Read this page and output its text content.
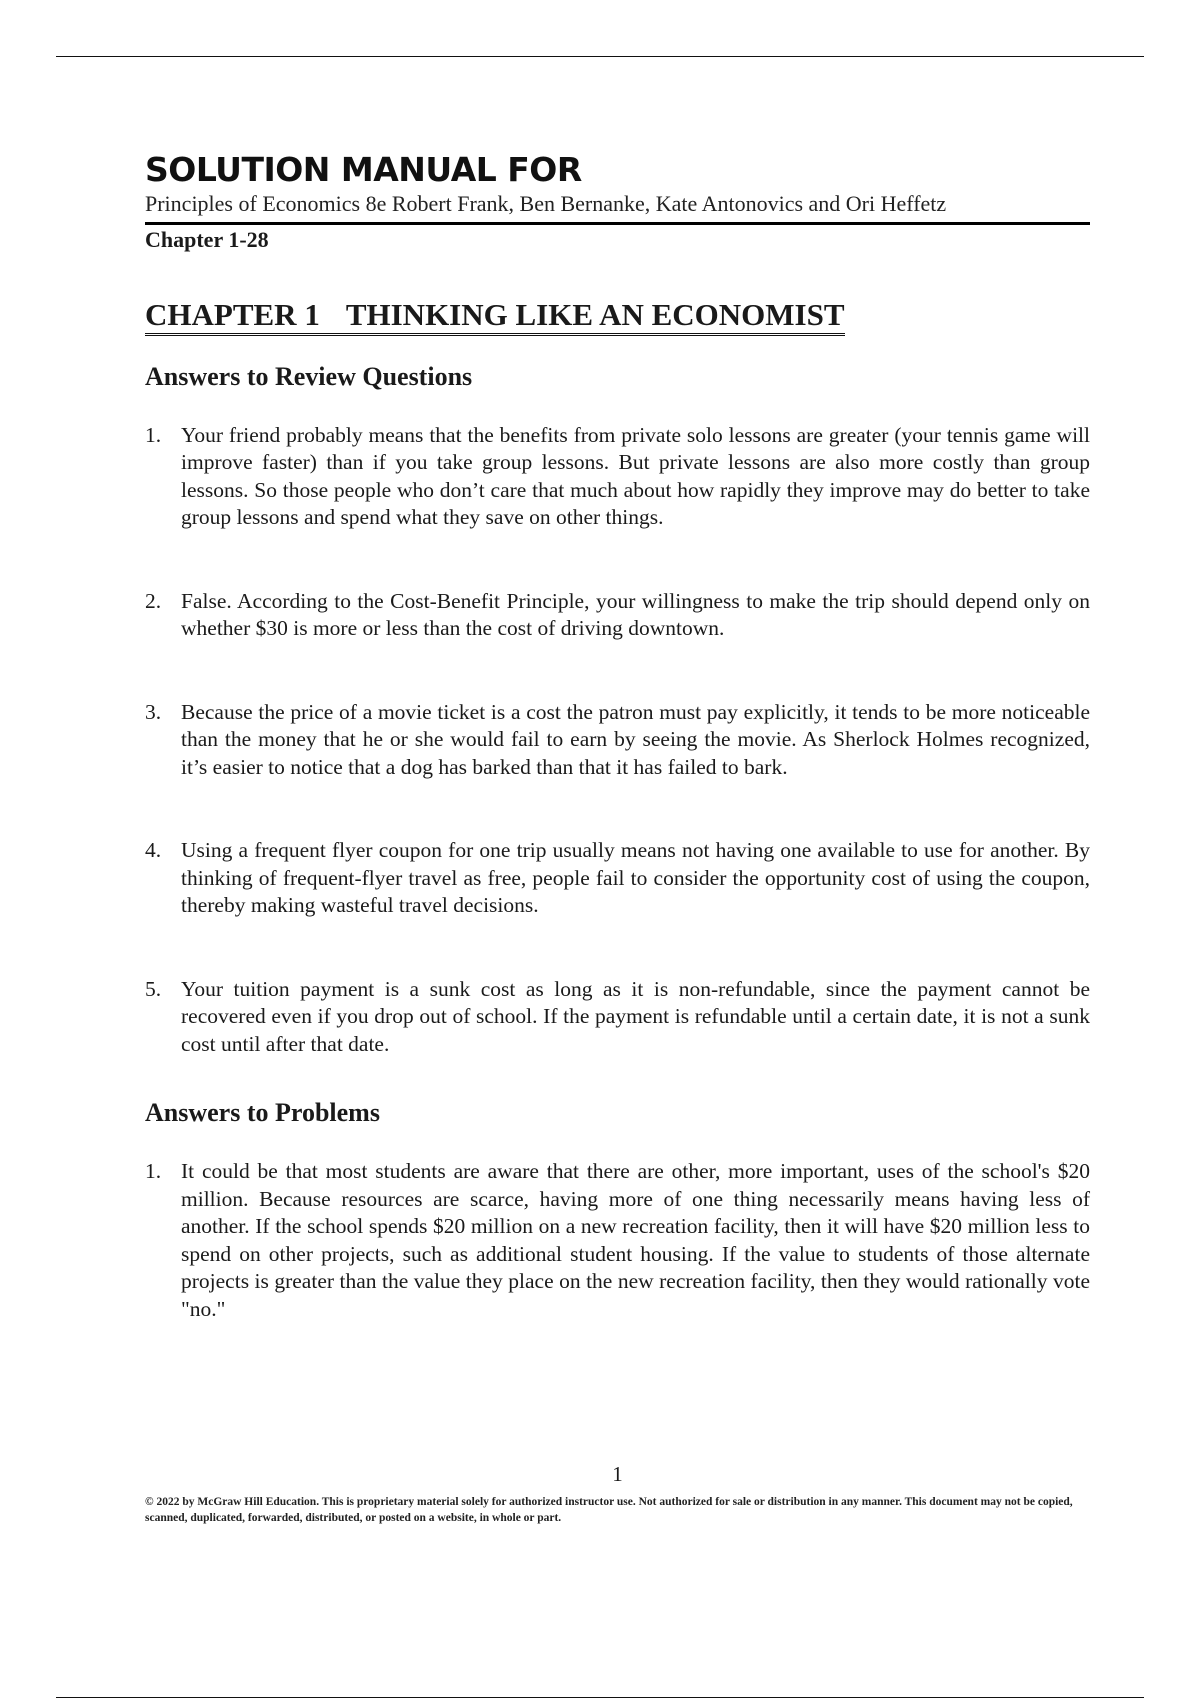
SOLUTION MANUAL FOR
Principles of Economics 8e Robert Frank, Ben Bernanke, Kate Antonovics and Ori Heffetz
Chapter 1-28
CHAPTER 1 THINKING LIKE AN ECONOMIST
Answers to Review Questions
1. Your friend probably means that the benefits from private solo lessons are greater (your tennis game will improve faster) than if you take group lessons. But private lessons are also more costly than group lessons. So those people who don’t care that much about how rapidly they improve may do better to take group lessons and spend what they save on other things.
2. False. According to the Cost-Benefit Principle, your willingness to make the trip should depend only on whether $30 is more or less than the cost of driving downtown.
3. Because the price of a movie ticket is a cost the patron must pay explicitly, it tends to be more noticeable than the money that he or she would fail to earn by seeing the movie. As Sherlock Holmes recognized, it’s easier to notice that a dog has barked than that it has failed to bark.
4. Using a frequent flyer coupon for one trip usually means not having one available to use for another. By thinking of frequent-flyer travel as free, people fail to consider the opportunity cost of using the coupon, thereby making wasteful travel decisions.
5. Your tuition payment is a sunk cost as long as it is non-refundable, since the payment cannot be recovered even if you drop out of school. If the payment is refundable until a certain date, it is not a sunk cost until after that date.
Answers to Problems
1. It could be that most students are aware that there are other, more important, uses of the school's $20 million. Because resources are scarce, having more of one thing necessarily means having less of another. If the school spends $20 million on a new recreation facility, then it will have $20 million less to spend on other projects, such as additional student housing. If the value to students of those alternate projects is greater than the value they place on the new recreation facility, then they would rationally vote "no."
1
© 2022 by McGraw Hill Education. This is proprietary material solely for authorized instructor use. Not authorized for sale or distribution in any manner. This document may not be copied, scanned, duplicated, forwarded, distributed, or posted on a website, in whole or part.
